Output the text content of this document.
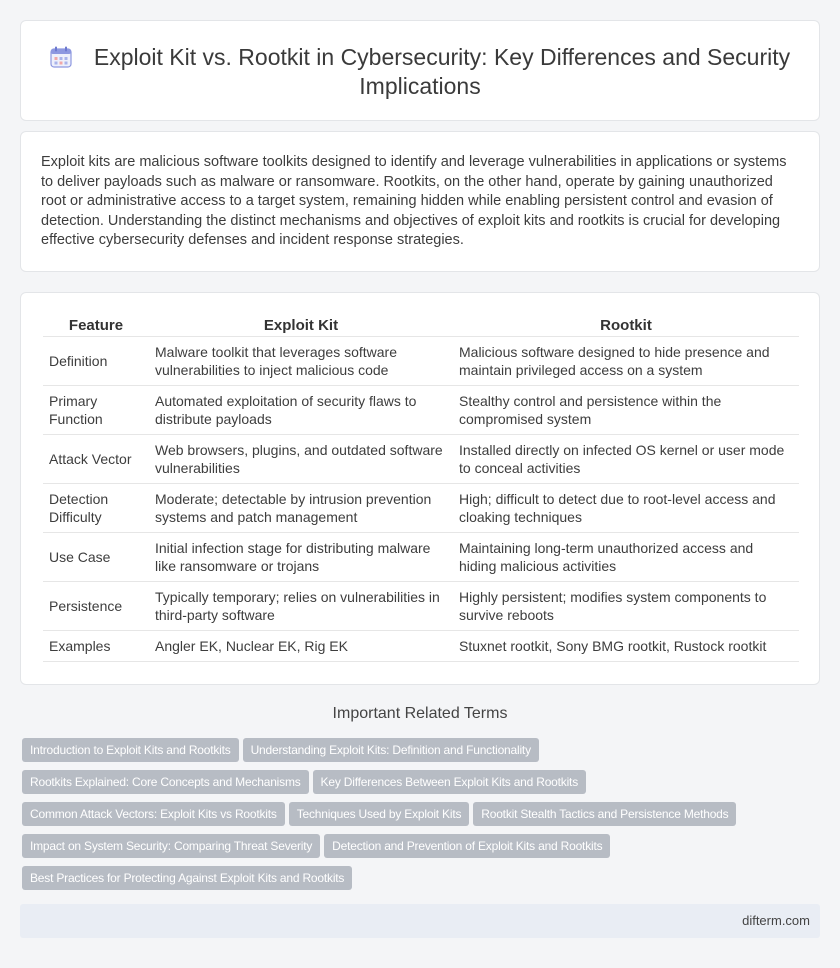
Exploit Kit vs. Rootkit in Cybersecurity: Key Differences and Security Implications

Exploit kits are malicious software toolkits designed to identify and leverage vulnerabilities in applications or systems to deliver payloads such as malware or ransomware. Rootkits, on the other hand, operate by gaining unauthorized root or administrative access to a target system, remaining hidden while enabling persistent control and evasion of detection. Understanding the distinct mechanisms and objectives of exploit kits and rootkits is crucial for developing effective cybersecurity defenses and incident response strategies.

Feature	Exploit Kit	Rootkit
Definition	Malware toolkit that leverages software vulnerabilities to inject malicious code	Malicious software designed to hide presence and maintain privileged access on a system
Primary Function	Automated exploitation of security flaws to distribute payloads	Stealthy control and persistence within the compromised system
Attack Vector	Web browsers, plugins, and outdated software vulnerabilities	Installed directly on infected OS kernel or user mode to conceal activities
Detection Difficulty	Moderate; detectable by intrusion prevention systems and patch management	High; difficult to detect due to root-level access and cloaking techniques
Use Case	Initial infection stage for distributing malware like ransomware or trojans	Maintaining long-term unauthorized access and hiding malicious activities
Persistence	Typically temporary; relies on vulnerabilities in third-party software	Highly persistent; modifies system components to survive reboots
Examples	Angler EK, Nuclear EK, Rig EK	Stuxnet rootkit, Sony BMG rootkit, Rustock rootkit
Important Related Terms
Introduction to Exploit Kits and Rootkits Understanding Exploit Kits: Definition and Functionality
Rootkits Explained: Core Concepts and Mechanisms Key Differences Between Exploit Kits and Rootkits
Common Attack Vectors: Exploit Kits vs Rootkits Techniques Used by Exploit Kits Rootkit Stealth Tactics and Persistence Methods
Impact on System Security: Comparing Threat Severity Detection and Prevention of Exploit Kits and Rootkits
Best Practices for Protecting Against Exploit Kits and Rootkits
difterm.com
